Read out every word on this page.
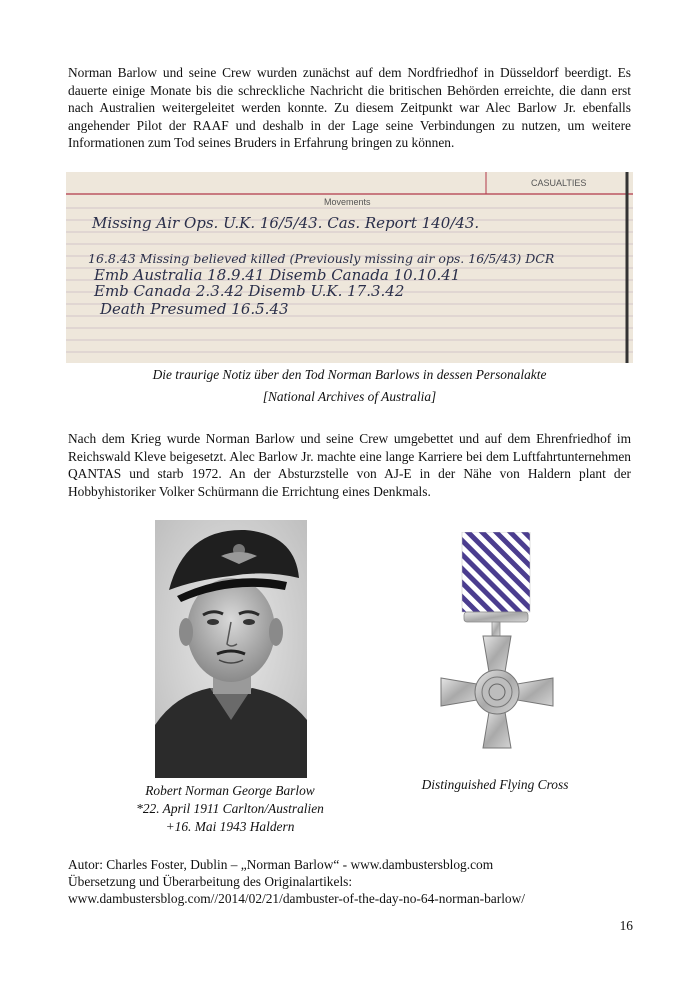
Norman Barlow und seine Crew wurden zunächst auf dem Nordfriedhof in Düsseldorf beerdigt. Es dauerte einige Monate bis die schreckliche Nachricht die britischen Behörden erreichte, die dann erst nach Australien weitergeleitet werden konnte. Zu diesem Zeitpunkt war Alec Barlow Jr. ebenfalls angehender Pilot der RAAF und deshalb in der Lage seine Verbindungen zu nutzen, um weitere Informationen zum Tod seines Bruders in Erfahrung bringen zu können.

Movements
CASUALTIES
Missing Air Ops. U.K. 16/5/43. Cas. Report 140/43.
16.8.43 Missing believed killed (Previously missing air ops. 16/5/43) DCR
Emb Australia 18.9.41 Disemb Canada 10.10.41
Emb Canada 2.3.42 Disemb U.K. 17.3.42
Death Presumed 16.5.43

Die traurige Notiz über den Tod Norman Barlows in dessen Personalakte
[National Archives of Australia]

Nach dem Krieg wurde Norman Barlow und seine Crew umgebettet und auf dem Ehrenfriedhof im Reichswald Kleve beigesetzt. Alec Barlow Jr. machte eine lange Karriere bei dem Luftfahrtunternehmen QANTAS und starb 1972. An der Absturzstelle von AJ-E in der Nähe von Haldern plant der Hobbyhistoriker Volker Schürmann die Errichtung eines Denkmals.

Robert Norman George Barlow
*22. April 1911 Carlton/Australien
+16. Mai 1943 Haldern

Distinguished Flying Cross

Autor: Charles Foster, Dublin – „Norman Barlow“ - www.dambustersblog.com
Übersetzung und Überarbeitung des Originalartikels:
www.dambustersblog.com//2014/02/21/dambuster-of-the-day-no-64-norman-barlow/
16
